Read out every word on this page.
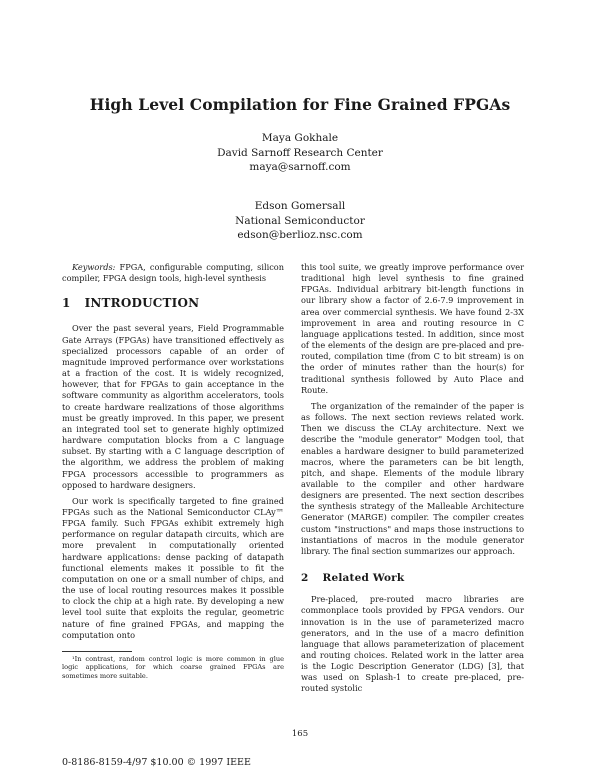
High Level Compilation for Fine Grained FPGAs
Maya Gokhale
David Sarnoff Research Center
maya@sarnoff.com
Edson Gomersall
National Semiconductor
edson@berlioz.nsc.com

Keywords: FPGA, configurable computing, silicon compiler, FPGA design tools, high-level synthesis

1 INTRODUCTION

Over the past several years, Field Programmable Gate Arrays (FPGAs) have transitioned effectively as specialized processors capable of an order of magnitude improved performance over workstations at a fraction of the cost. It is widely recognized, however, that for FPGAs to gain acceptance in the software community as algorithm accelerators, tools to create hardware realizations of those algorithms must be greatly improved. In this paper, we present an integrated tool set to generate highly optimized hardware computation blocks from a C language subset. By starting with a C language description of the algorithm, we address the problem of making FPGA processors accessible to programmers as opposed to hardware designers.

Our work is specifically targeted to fine grained FPGAs such as the National Semiconductor CLAy™ FPGA family. Such FPGAs exhibit extremely high performance on regular datapath circuits, which are more prevalent in computationally oriented hardware applications: dense packing of datapath functional elements makes it possible to fit the computation on one or a small number of chips, and the use of local routing resources makes it possible to clock the chip at a high rate. By developing a new level tool suite that exploits the regular, geometric nature of fine grained FPGAs, and mapping the computation onto

¹In contrast, random control logic is more common in glue logic applications, for which coarse grained FPGAs are sometimes more suitable.

this tool suite, we greatly improve performance over traditional high level synthesis to fine grained FPGAs. Individual arbitrary bit-length functions in our library show a factor of 2.6-7.9 improvement in area over commercial synthesis. We have found 2-3X improvement in area and routing resource in C language applications tested. In addition, since most of the elements of the design are pre-placed and pre-routed, compilation time (from C to bit stream) is on the order of minutes rather than the hour(s) for traditional synthesis followed by Auto Place and Route.

The organization of the remainder of the paper is as follows. The next section reviews related work. Then we discuss the CLAy architecture. Next we describe the "module generator" Modgen tool, that enables a hardware designer to build parameterized macros, where the parameters can be bit length, pitch, and shape. Elements of the module library available to the compiler and other hardware designers are presented. The next section describes the synthesis strategy of the Malleable Architecture Generator (MARGE) compiler. The compiler creates custom "instructions" and maps those instructions to instantiations of macros in the module generator library. The final section summarizes our approach.

2 Related Work

Pre-placed, pre-routed macro libraries are commonplace tools provided by FPGA vendors. Our innovation is in the use of parameterized macro generators, and in the use of a macro definition language that allows parameterization of placement and routing choices. Related work in the latter area is the Logic Description Generator (LDG) [3], that was used on Splash-1 to create pre-placed, pre-routed systolic

165
0-8186-8159-4/97 $10.00 © 1997 IEEE
